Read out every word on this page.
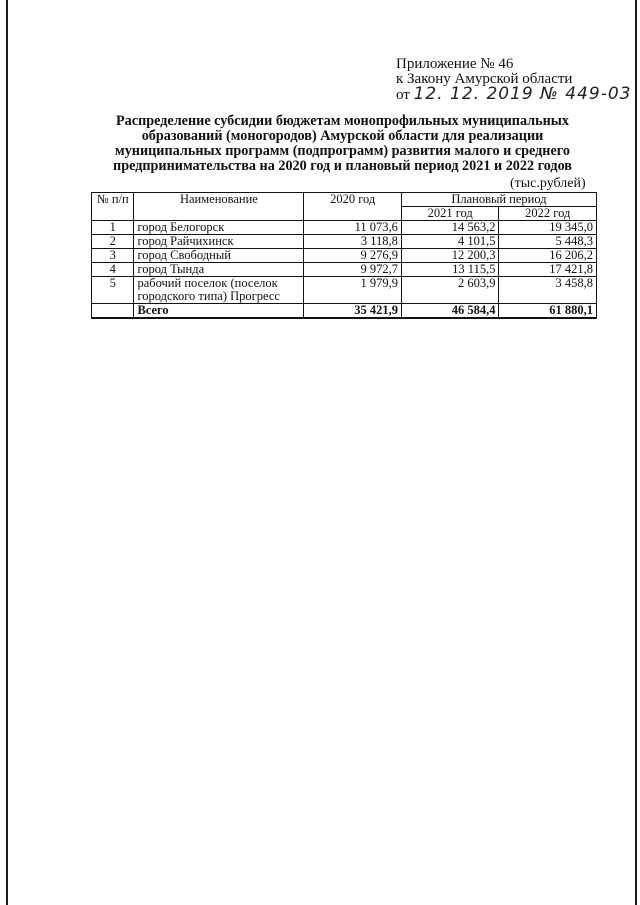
Приложение № 46
к Закону Амурской области
от 12. 12. 2019 № 449-03
Распределение субсидии бюджетам монопрофильных муниципальных образований (моногородов) Амурской области для реализации муниципальных программ (подпрограмм) развития малого и среднего предпринимательства на 2020 год и плановый период 2021 и 2022 годов
(тыс.рублей)
№ п/п	Наименование	2020 год	Плановый период	
			2021 год	2022 год
1	город Белогорск	11 073,6	14 563,2	19 345,0
2	город Райчихинск	3 118,8	4 101,5	5 448,3
3	город Свободный	9 276,9	12 200,3	16 206,2
4	город Тында	9 972,7	13 115,5	17 421,8
5	рабочий поселок (поселок городского типа) Прогресс	1 979,9	2 603,9	3 458,8
	Всего	35 421,9	46 584,4	61 880,1
